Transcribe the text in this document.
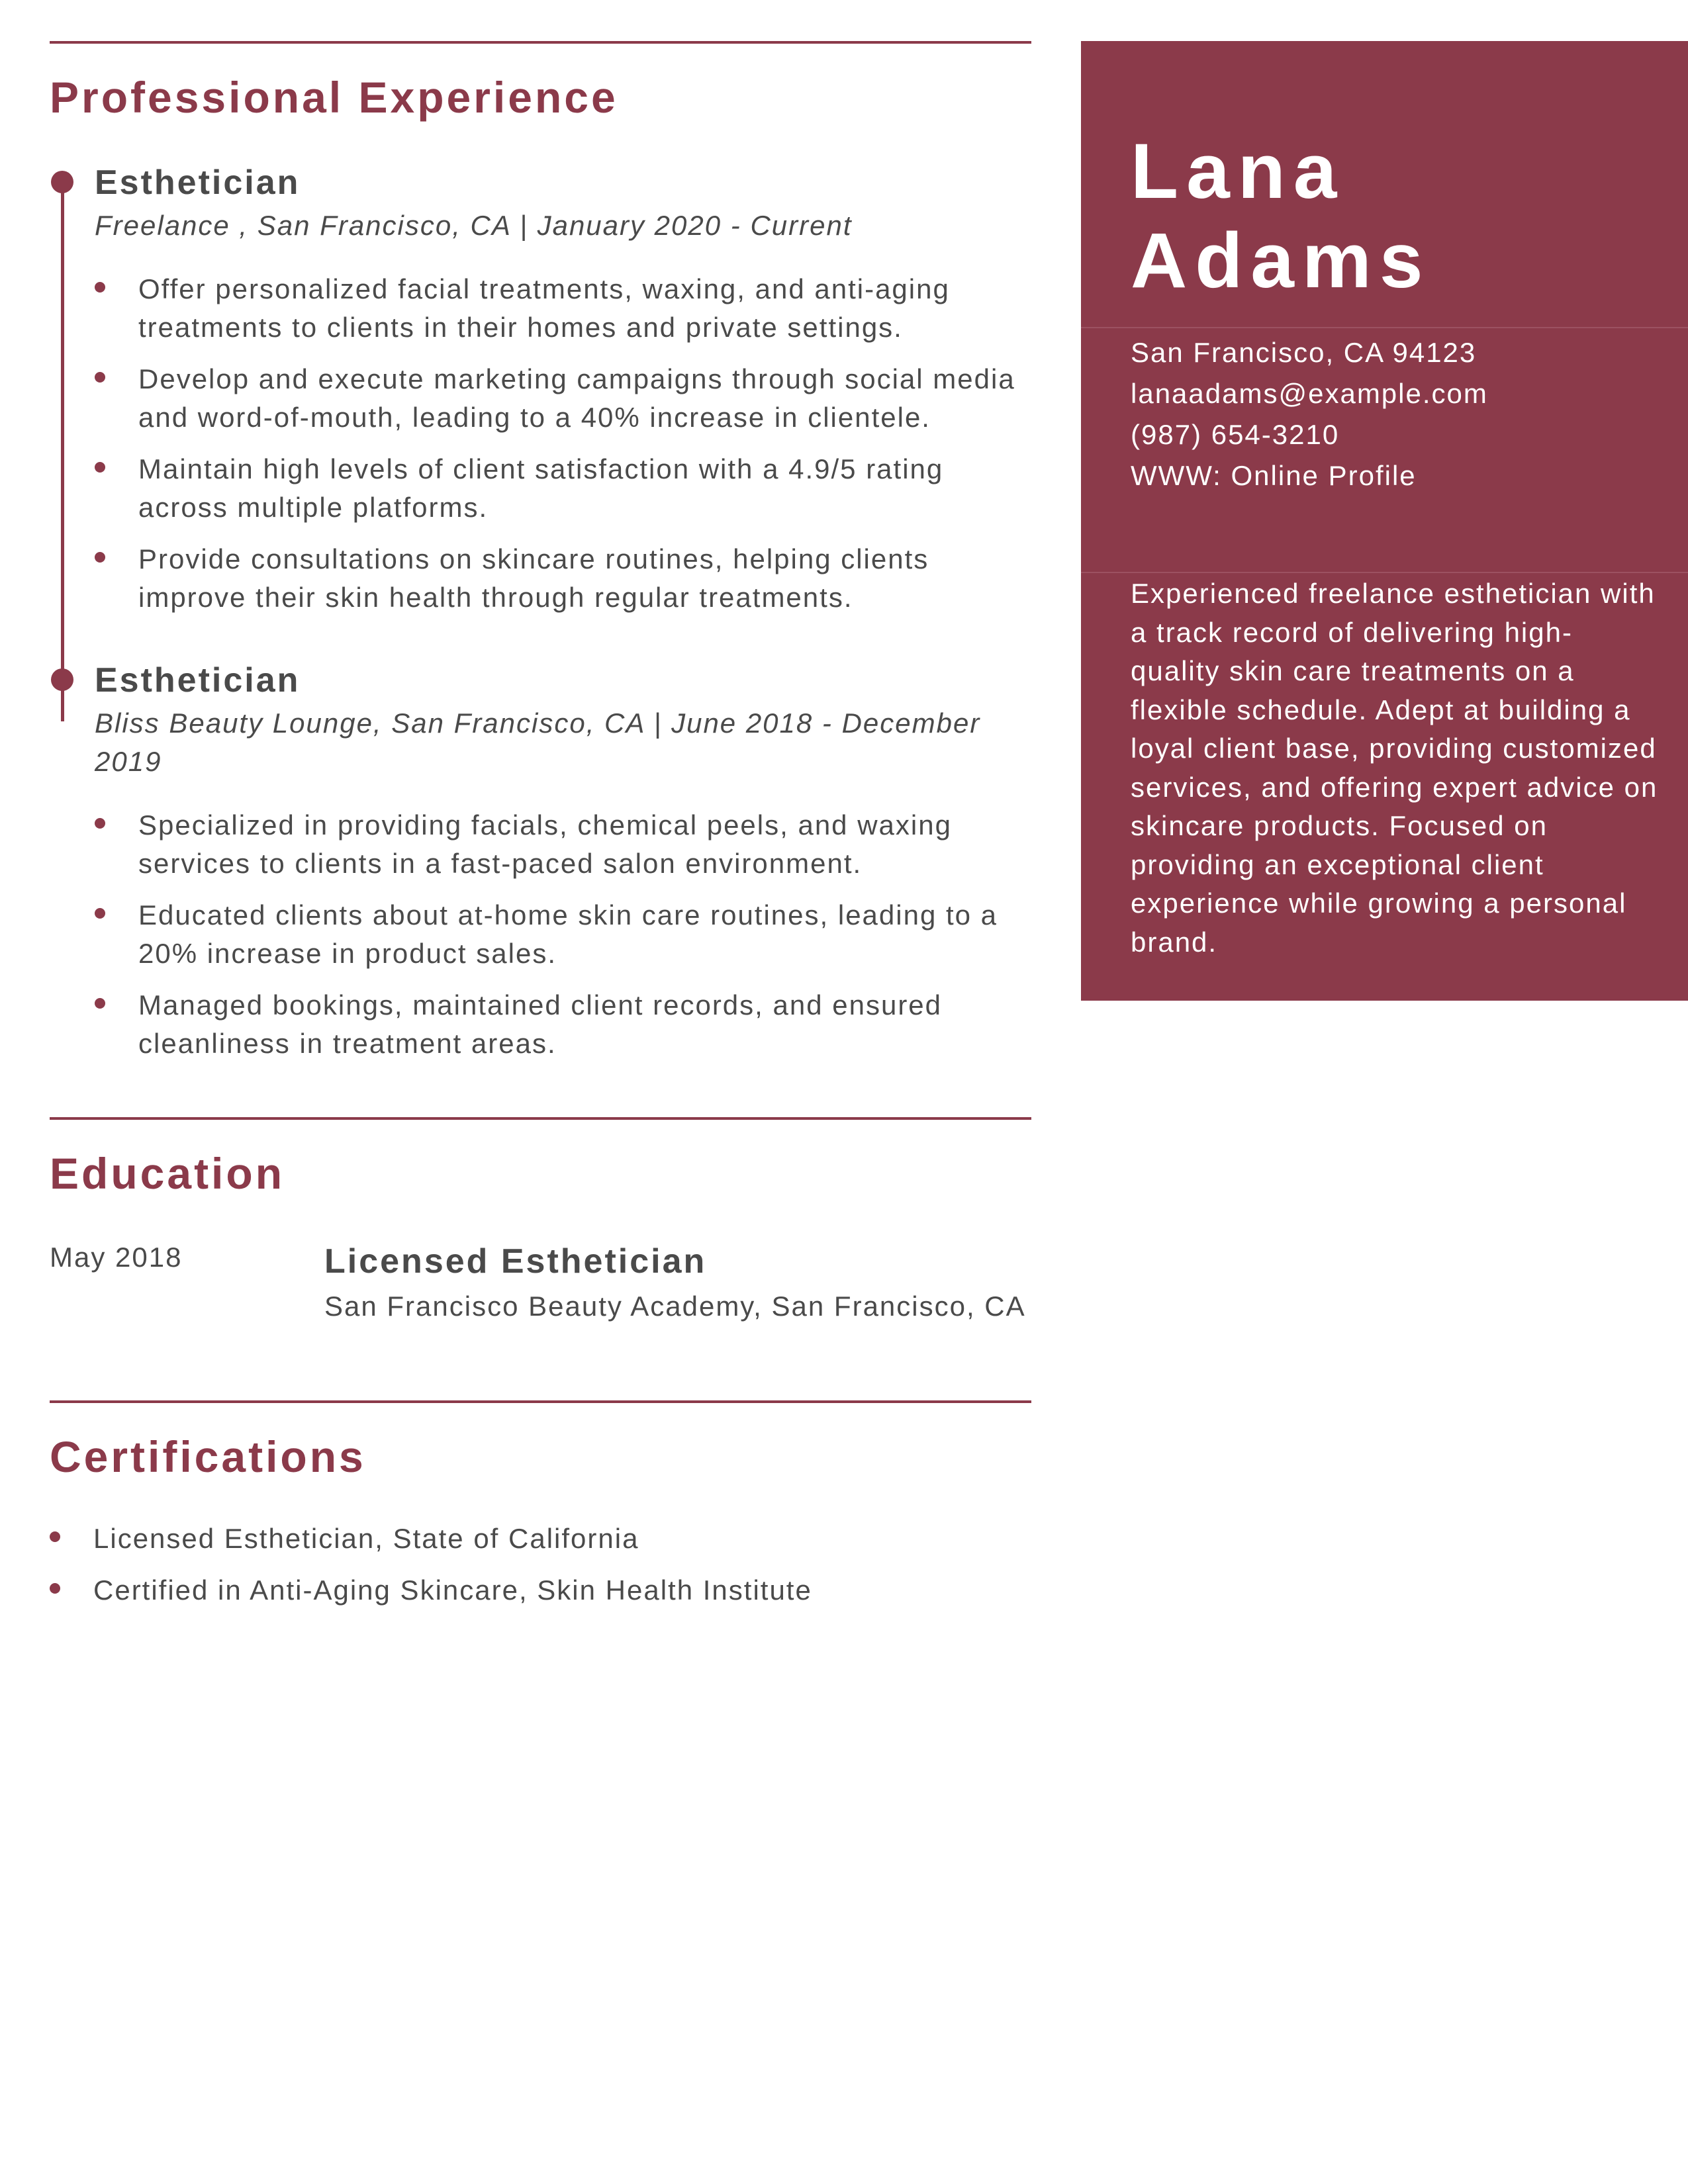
Professional Experience
Esthetician
Freelance , San Francisco, CA | January 2020 - Current
Offer personalized facial treatments, waxing, and anti-aging treatments to clients in their homes and private settings.
Develop and execute marketing campaigns through social media and word-of-mouth, leading to a 40% increase in clientele.
Maintain high levels of client satisfaction with a 4.9/5 rating across multiple platforms.
Provide consultations on skincare routines, helping clients improve their skin health through regular treatments.
Esthetician
Bliss Beauty Lounge, San Francisco, CA | June 2018 - December 2019
Specialized in providing facials, chemical peels, and waxing services to clients in a fast-paced salon environment.
Educated clients about at-home skin care routines, leading to a 20% increase in product sales.
Managed bookings, maintained client records, and ensured cleanliness in treatment areas.
Education
May 2018	Licensed Esthetician
San Francisco Beauty Academy, San Francisco, CA
Certifications
Licensed Esthetician, State of California
Certified in Anti-Aging Skincare, Skin Health Institute
Lana
Adams
San Francisco, CA 94123
lanaadams@example.com
(987) 654-3210
WWW: Online Profile
Experienced freelance esthetician with a track record of delivering high-quality skin care treatments on a flexible schedule. Adept at building a loyal client base, providing customized services, and offering expert advice on skincare products. Focused on providing an exceptional client experience while growing a personal brand.
